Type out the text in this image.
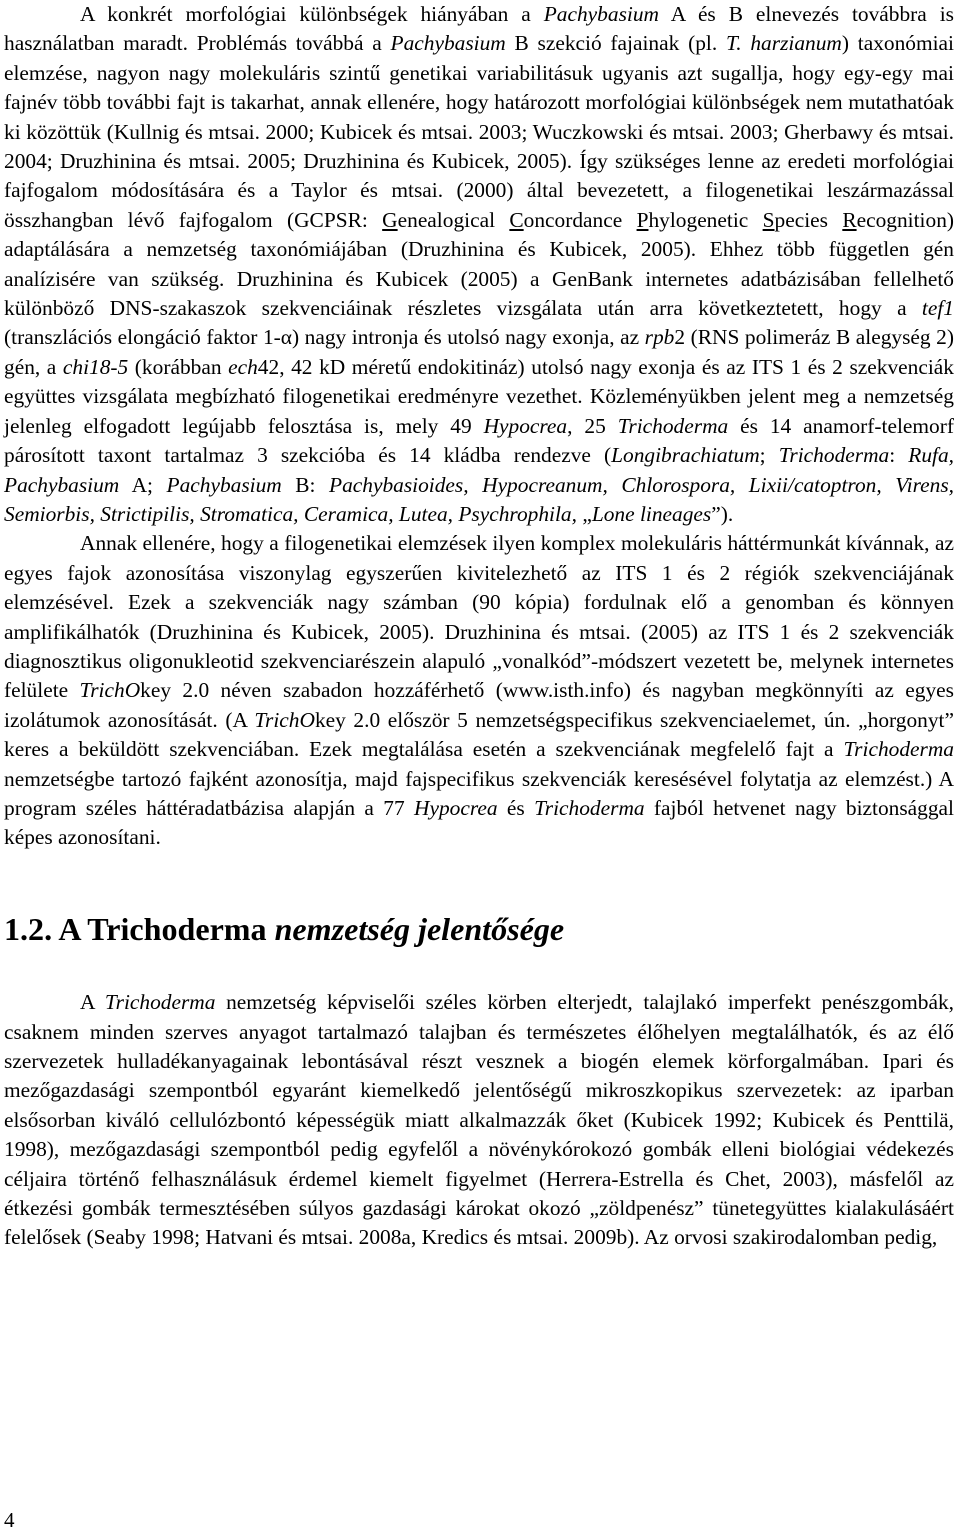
A konkrét morfológiai különbségek hiányában a Pachybasium A és B elnevezés továbbra is használatban maradt. Problémás továbbá a Pachybasium B szekció fajainak (pl. T. harzianum) taxonómiai elemzése, nagyon nagy molekuláris szintű genetikai variabilitásuk ugyanis azt sugallja, hogy egy-egy mai fajnév több további fajt is takarhat, annak ellenére, hogy határozott morfológiai különbségek nem mutathatóak ki közöttük (Kullnig és mtsai. 2000; Kubicek és mtsai. 2003; Wuczkowski és mtsai. 2003; Gherbawy és mtsai. 2004; Druzhinina és mtsai. 2005; Druzhinina és Kubicek, 2005). Így szükséges lenne az eredeti morfológiai fajfogalom módosítására és a Taylor és mtsai. (2000) által bevezetett, a filogenetikai leszármazással összhangban lévő fajfogalom (GCPSR: Genealogical Concordance Phylogenetic Species Recognition) adaptálására a nemzetség taxonómiájában (Druzhinina és Kubicek, 2005). Ehhez több független gén analízisére van szükség. Druzhinina és Kubicek (2005) a GenBank internetes adatbázisában fellelhető különböző DNS-szakaszok szekvenciáinak részletes vizsgálata után arra következtetett, hogy a tef1 (transzlációs elongáció faktor 1-α) nagy intronja és utolsó nagy exonja, az rpb2 (RNS polimeráz B alegység 2) gén, a chi18-5 (korábban ech42, 42 kD méretű endokitináz) utolsó nagy exonja és az ITS 1 és 2 szekvenciák együttes vizsgálata megbízható filogenetikai eredményre vezethet. Közleményükben jelent meg a nemzetség jelenleg elfogadott legújabb felosztása is, mely 49 Hypocrea, 25 Trichoderma és 14 anamorf-telemorf párosított taxont tartalmaz 3 szekcióba és 14 kládba rendezve (Longibrachiatum; Trichoderma: Rufa, Pachybasium A; Pachybasium B: Pachybasioides, Hypocreanum, Chlorospora, Lixii/catoptron, Virens, Semiorbis, Strictipilis, Stromatica, Ceramica, Lutea, Psychrophila, „Lone lineages”).

Annak ellenére, hogy a filogenetikai elemzések ilyen komplex molekuláris háttérmunkát kívánnak, az egyes fajok azonosítása viszonylag egyszerűen kivitelezhető az ITS 1 és 2 régiók szekvenciájának elemzésével. Ezek a szekvenciák nagy számban (90 kópia) fordulnak elő a genomban és könnyen amplifikálhatók (Druzhinina és Kubicek, 2005). Druzhinina és mtsai. (2005) az ITS 1 és 2 szekvenciák diagnosztikus oligonukleotid szekvenciarészein alapuló „vonalkód”-módszert vezetett be, melynek internetes felülete TrichOkey 2.0 néven szabadon hozzáférhető (www.isth.info) és nagyban megkönnyíti az egyes izolátumok azonosítását. (A TrichOkey 2.0 először 5 nemzetségspecifikus szekvenciaelemet, ún. „horgonyt” keres a beküldött szekvenciában. Ezek megtalálása esetén a szekvenciának megfelelő fajt a Trichoderma nemzetségbe tartozó fajként azonosítja, majd fajspecifikus szekvenciák keresésével folytatja az elemzést.) A program széles háttéradatbázisa alapján a 77 Hypocrea és Trichoderma fajból hetvenet nagy biztonsággal képes azonosítani.

1.2. A Trichoderma nemzetség jelentősége

A Trichoderma nemzetség képviselői széles körben elterjedt, talajlakó imperfekt penészgombák, csaknem minden szerves anyagot tartalmazó talajban és természetes élőhelyen megtalálhatók, és az élő szervezetek hulladékanyagainak lebontásával részt vesznek a biogén elemek körforgalmában. Ipari és mezőgazdasági szempontból egyaránt kiemelkedő jelentőségű mikroszkopikus szervezetek: az iparban elsősorban kiváló cellulózbontó képességük miatt alkalmazzák őket (Kubicek 1992; Kubicek és Penttilä, 1998), mezőgazdasági szempontból pedig egyfelől a növénykórokozó gombák elleni biológiai védekezés céljaira történő felhasználásuk érdemel kiemelt figyelmet (Herrera-Estrella és Chet, 2003), másfelől az étkezési gombák termesztésében súlyos gazdasági károkat okozó „zöldpenész” tünetegyüttes kialakulásáért felelősek (Seaby 1998; Hatvani és mtsai. 2008a, Kredics és mtsai. 2009b). Az orvosi szakirodalomban pedig,

4
